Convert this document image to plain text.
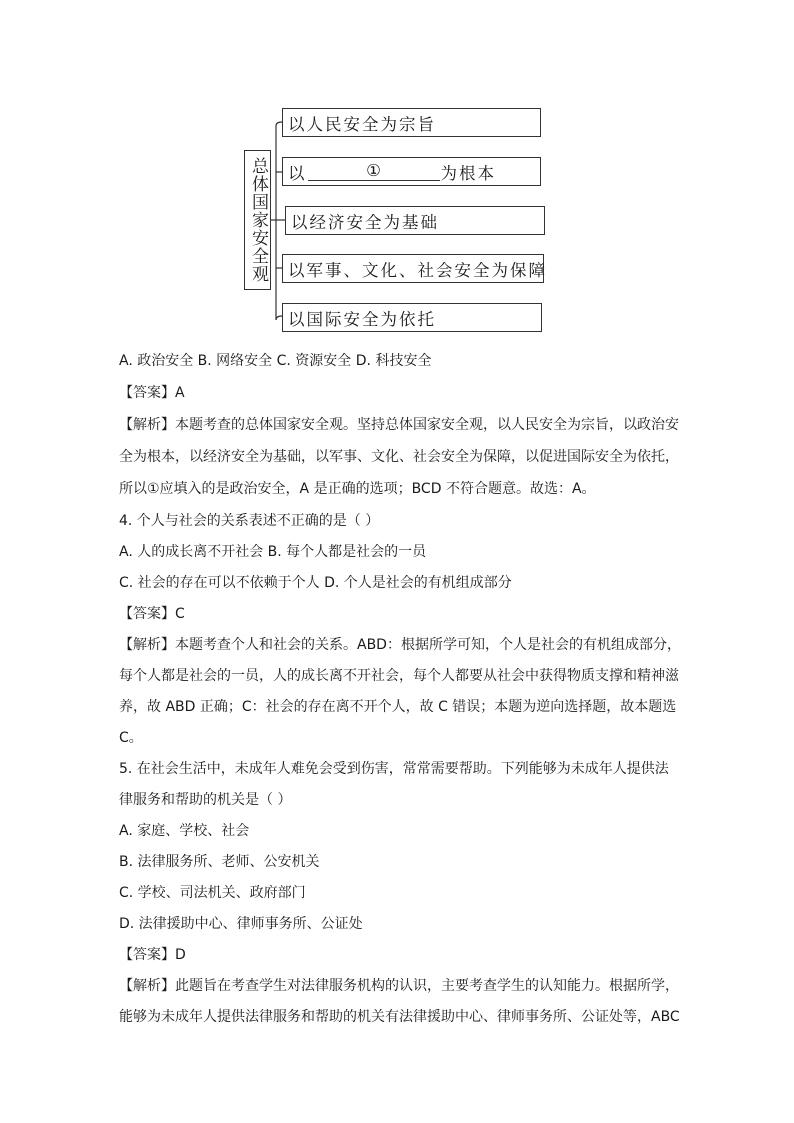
总体国家安全观
以人民安全为宗旨
以	①	为根本
以经济安全为基础
以军事、文化、社会安全为保障
以国际安全为依托
A. 政治安全 B. 网络安全 C. 资源安全 D. 科技安全
【答案】A
【解析】本题考查的总体国家安全观。坚持总体国家安全观，以人民安全为宗旨，以政治安
全为根本，以经济安全为基础，以军事、文化、社会安全为保障，以促进国际安全为依托，
所以①应填入的是政治安全，A 是正确的选项；BCD 不符合题意。故选：A。
4. 个人与社会的关系表述不正确的是（ ）
A. 人的成长离不开社会 B. 每个人都是社会的一员
C. 社会的存在可以不依赖于个人 D. 个人是社会的有机组成部分
【答案】C
【解析】本题考查个人和社会的关系。ABD：根据所学可知，个人是社会的有机组成部分，
每个人都是社会的一员，人的成长离不开社会，每个人都要从社会中获得物质支撑和精神滋
养，故 ABD 正确；C：社会的存在离不开个人，故 C 错误；本题为逆向选择题，故本题选
C。
5. 在社会生活中，未成年人难免会受到伤害，常常需要帮助。下列能够为未成年人提供法
律服务和帮助的机关是（ ）
A. 家庭、学校、社会
B. 法律服务所、老师、公安机关
C. 学校、司法机关、政府部门
D. 法律援助中心、律师事务所、公证处
【答案】D
【解析】此题旨在考查学生对法律服务机构的认识，主要考查学生的认知能力。根据所学，
能够为未成年人提供法律服务和帮助的机关有法律援助中心、律师事务所、公证处等，ABC
